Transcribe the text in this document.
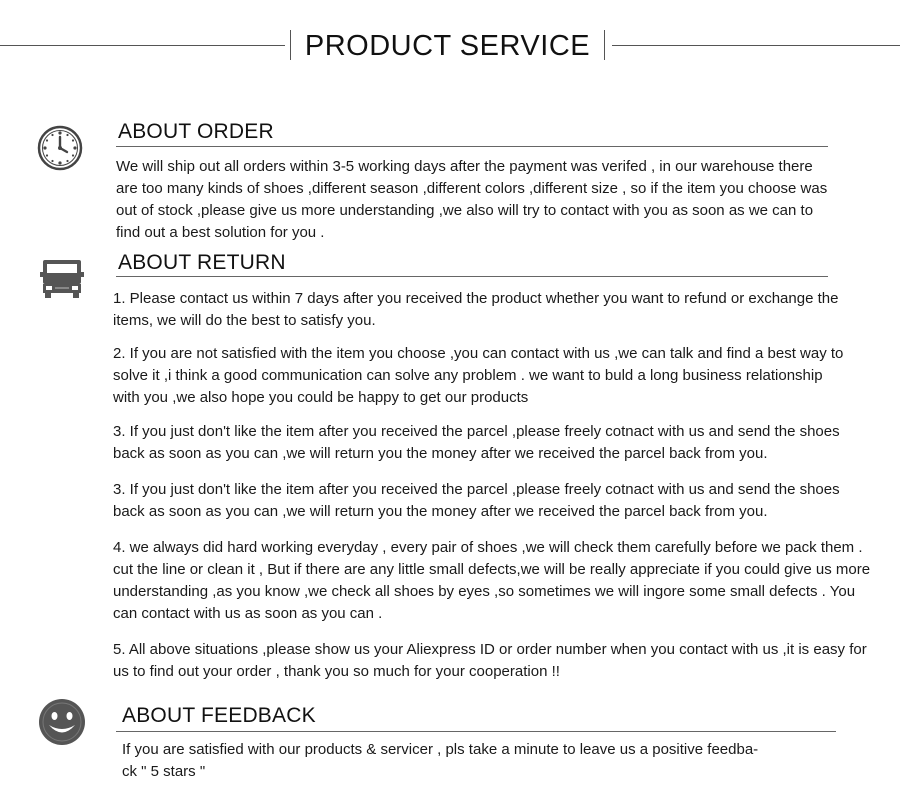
PRODUCT SERVICE
ABOUT ORDER
We will ship out all orders within 3-5 working days after the payment was verifed , in our warehouse there are too many kinds of shoes ,different season ,different colors ,different size , so if the item you choose was out of stock ,please give us more understanding ,we also will try to contact with you as soon as we can to find out a best solution for you .
ABOUT RETURN
1. Please contact us within 7 days after you received the product whether you want to refund or exchange the items, we will do the best to satisfy you.
2. If you are not satisfied with the item you choose ,you can contact with us ,we can talk and find a best way to solve it ,i think a good communication can solve any problem . we want to buld a long business relationship with you ,we also hope you could be happy to get our products
3. If you just don't like the item after you received the parcel ,please freely cotnact with us and send the shoes back as soon as you can ,we will return you the money after we received the parcel back from you.
3. If you just don't like the item after you received the parcel ,please freely cotnact with us and send the shoes back as soon as you can ,we will return you the money after we received the parcel back from you.
4. we always did hard working everyday , every pair of shoes ,we will check them carefully before we pack them . cut the line or clean it , But if there are any little small defects,we will be really appreciate if you could give us more understanding ,as you know ,we check all shoes by eyes ,so sometimes we will ingore some small defects . You can contact with us as soon as you can .
5. All above situations ,please show us your Aliexpress ID or order number when you contact with us ,it is easy for us to find out your order , thank you so much for your cooperation !!
ABOUT FEEDBACK
If you are satisfied with our products & servicer , pls take a minute to leave us a positive feedba-
ck " 5 stars "
